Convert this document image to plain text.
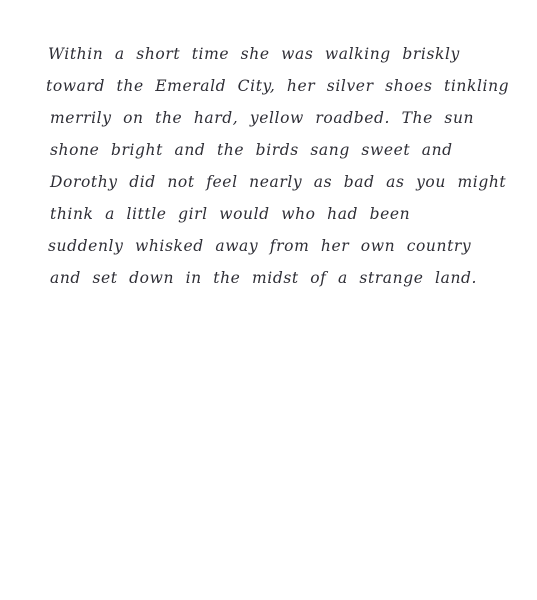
Within a short time she was walking briskly
toward the Emerald City, her silver shoes tinkling
merrily on the hard, yellow roadbed. The sun
shone bright and the birds sang sweet and
Dorothy did not feel nearly as bad as you might
think a little girl would who had been
suddenly whisked away from her own country
and set down in the midst of a strange land.
